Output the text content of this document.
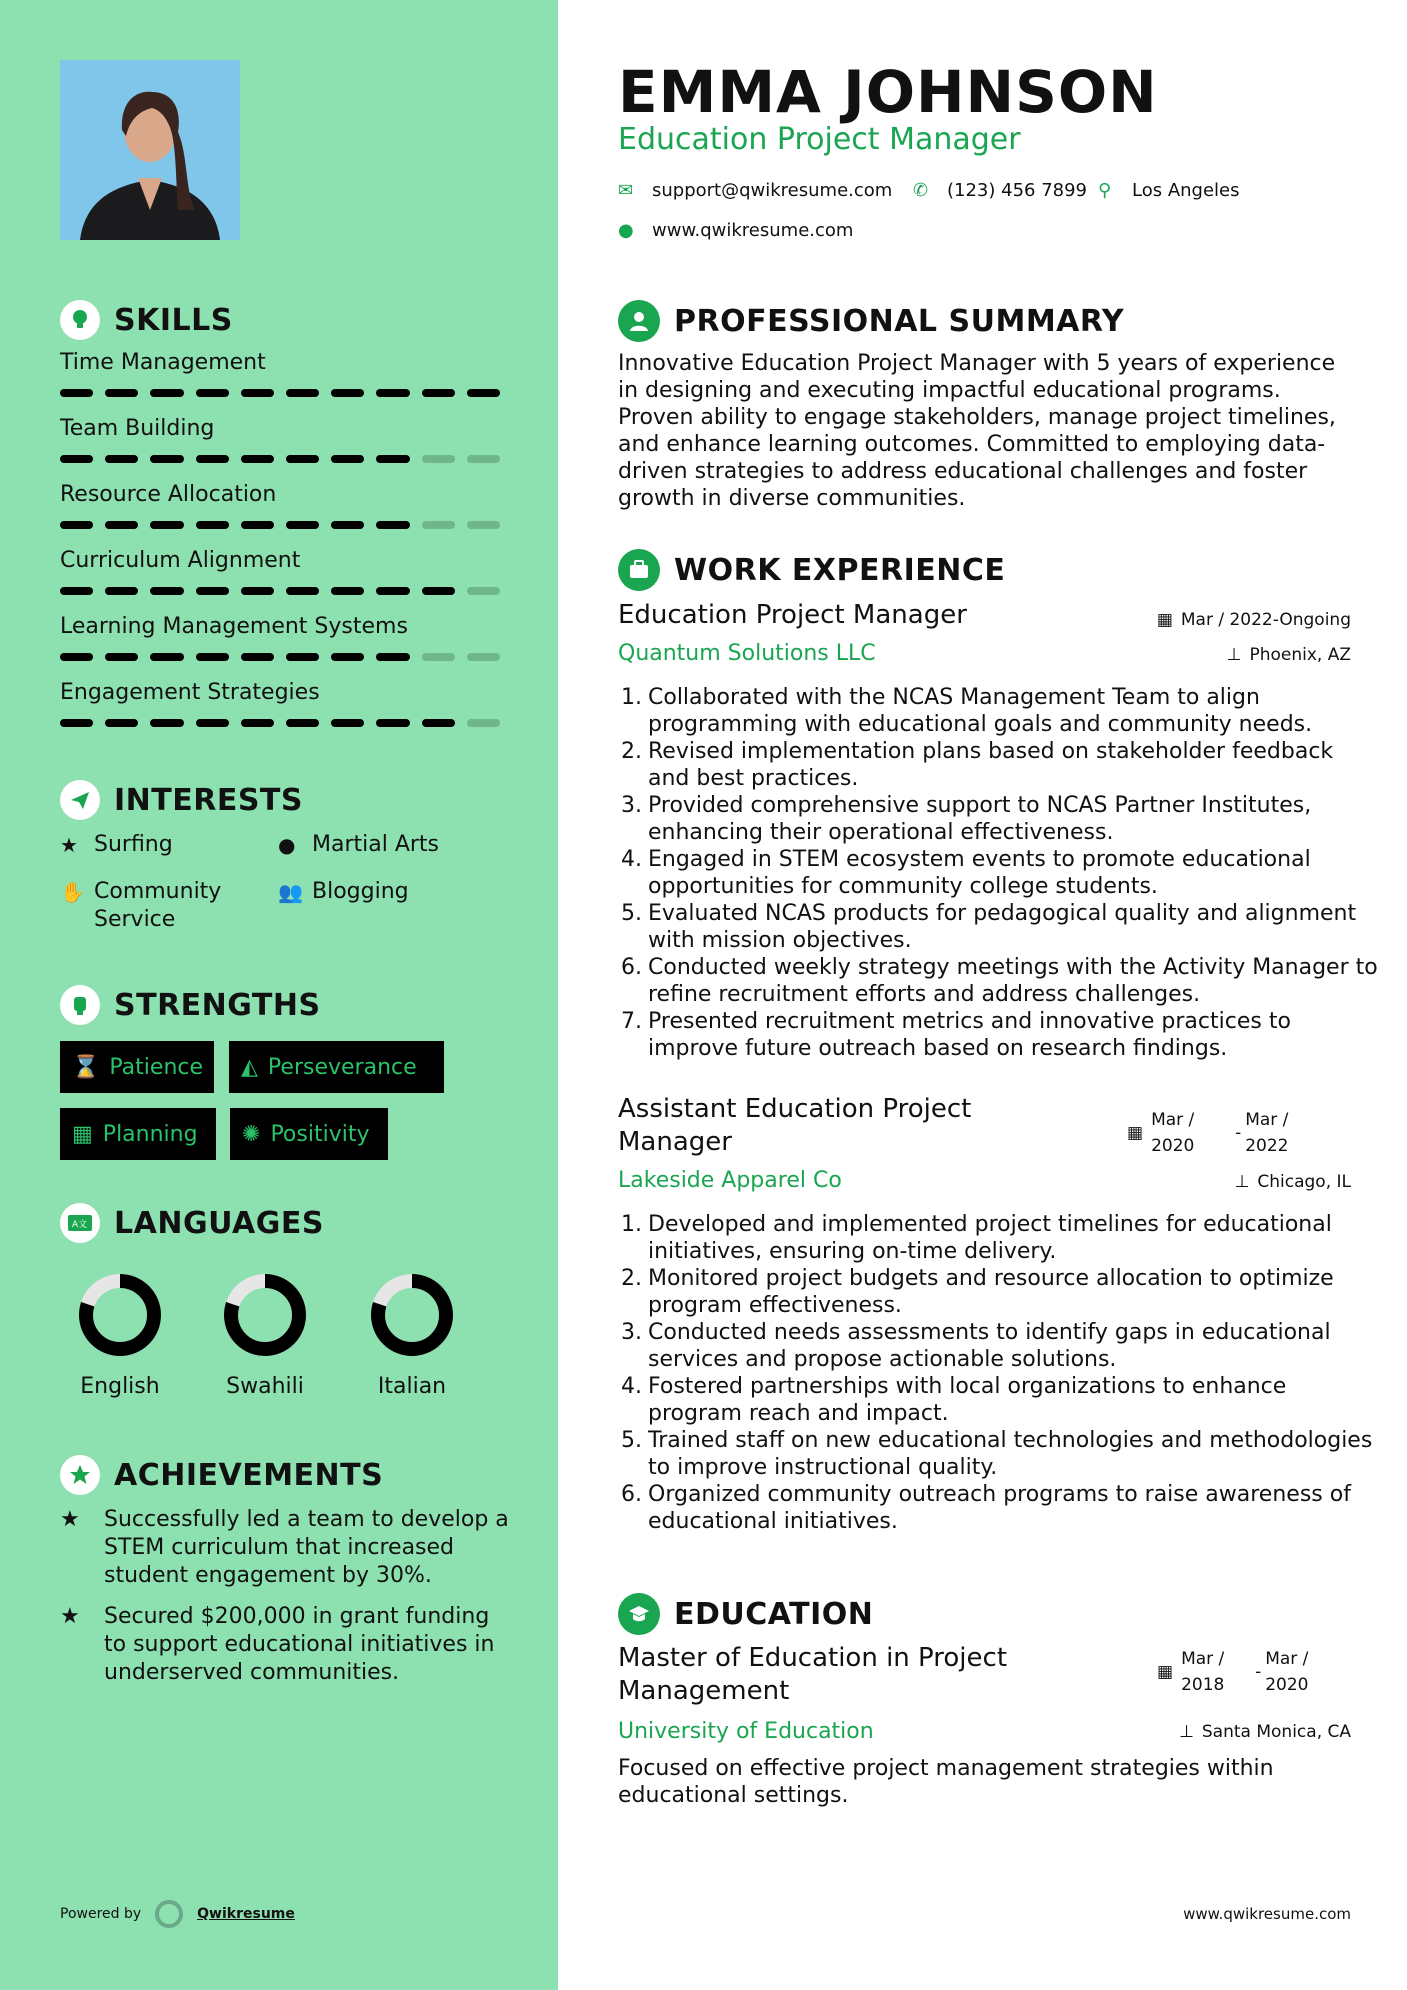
SKILLS
Time Management
Team Building
Resource Allocation
Curriculum Alignment
Learning Management Systems
Engagement Strategies
INTERESTS
★ Surfing	● Martial Arts
✋ Community Service
👥 Blogging
STRENGTHS
⌛ Patience ◭ Perseverance
▦ Planning ✺ Positivity
A文 LANGUAGES
English	Swahili	Italian
ACHIEVEMENTS
★	Successfully led a team to develop a STEM curriculum that increased student engagement by 30%.
★	Secured $200,000 in grant funding to support educational initiatives in underserved communities.
Powered by	Qwikresume
EMMA JOHNSON
Education Project Manager
✉	support@qwikresume.com ✆	(123) 456 7899 ⚲	Los Angeles
●	www.qwikresume.com
PROFESSIONAL SUMMARY
Innovative Education Project Manager with 5 years of experience in designing and executing impactful educational programs. Proven ability to engage stakeholders, manage project timelines, and enhance learning outcomes. Committed to employing data-driven strategies to address educational challenges and foster growth in diverse communities.
WORK EXPERIENCE
Education Project Manager	▦ Mar / 2022-Ongoing
Quantum Solutions LLC	⊥ Phoenix, AZ
1. Collaborated with the NCAS Management Team to align programming with educational goals and community needs.
2. Revised implementation plans based on stakeholder feedback and best practices.
3. Provided comprehensive support to NCAS Partner Institutes, enhancing their operational effectiveness.
4. Engaged in STEM ecosystem events to promote educational opportunities for community college students.
5. Evaluated NCAS products for pedagogical quality and alignment with mission objectives.
6. Conducted weekly strategy meetings with the Activity Manager to refine recruitment efforts and address challenges.
7. Presented recruitment metrics and innovative practices to improve future outreach based on research findings.
Assistant Education Project Manager	▦
Mar /
2020
-
Mar /
2022
Lakeside Apparel Co	⊥ Chicago, IL
1. Developed and implemented project timelines for educational initiatives, ensuring on-time delivery.
2. Monitored project budgets and resource allocation to optimize program effectiveness.
3. Conducted needs assessments to identify gaps in educational services and propose actionable solutions.
4. Fostered partnerships with local organizations to enhance program reach and impact.
5. Trained staff on new educational technologies and methodologies to improve instructional quality.
6. Organized community outreach programs to raise awareness of educational initiatives.
EDUCATION
Master of Education in Project Management
▦
Mar /
2018
-
Mar /
2020
University of Education	⊥ Santa Monica, CA
Focused on effective project management strategies within educational settings.
www.qwikresume.com
